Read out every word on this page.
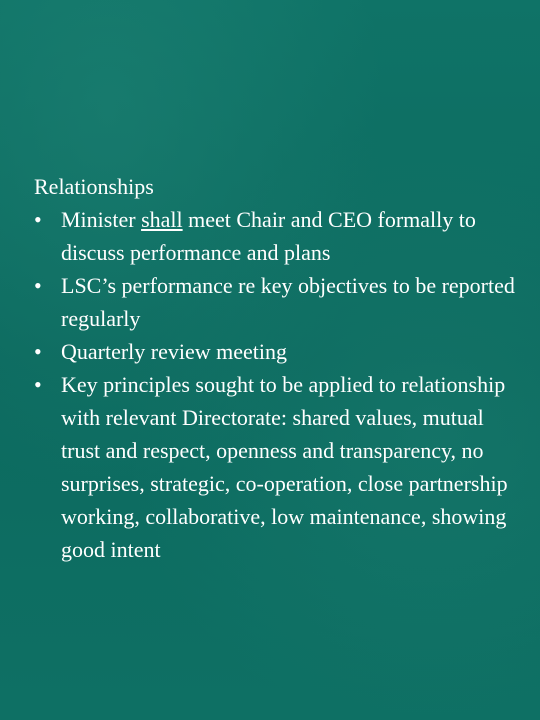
Relationships

• Minister shall meet Chair and CEO formally to discuss performance and plans
• LSC’s performance re key objectives to be reported regularly
• Quarterly review meeting
• Key principles sought to be applied to relationship with relevant Directorate: shared values, mutual trust and respect, openness and transparency, no surprises, strategic, co-operation, close partnership working, collaborative, low maintenance, showing good intent
